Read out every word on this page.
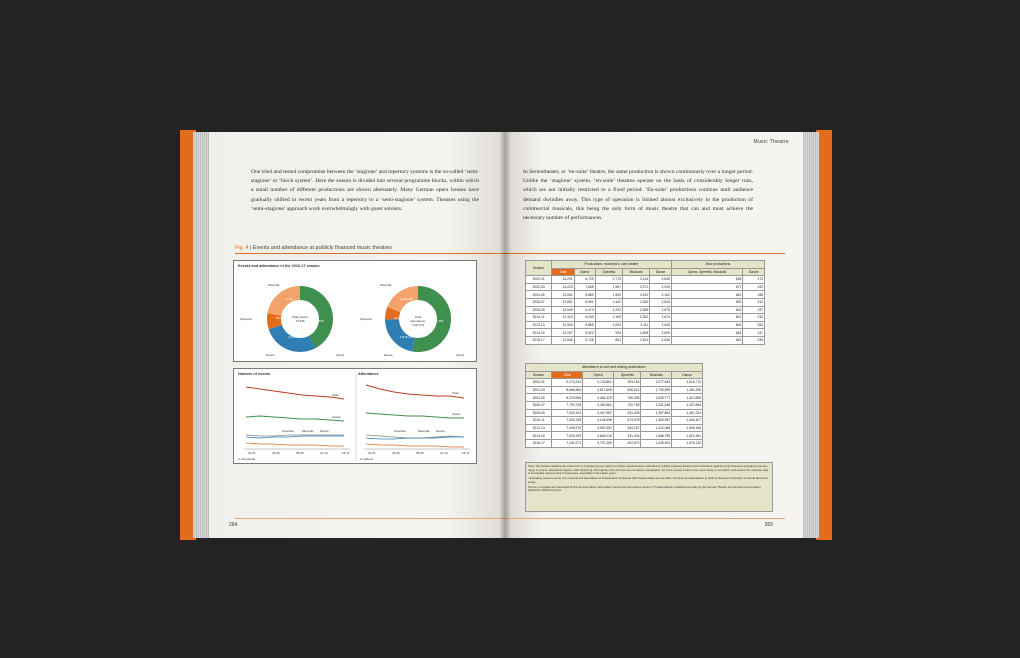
One tried and tested compromise between the ‘stagione’ and repertory systems is the so-called ‘semi-stagione’ or ‘block system’. Here the season is divided into several programme blocks, within which a small number of different productions are shown alternately. Many German opera houses have gradually shifted in recent years from a repertory to a ‘semi-stagione’ system. Theatres using the ‘semi-stagione’ approach work overwhelmingly with guest soloists.

Fig. 4 | Events and attendance at publicly financed music theatres
Events and attendance in the 2016-17 season
Total events: 13,546
Total attendance: 7,241,971
Musicals
Operetta
Dance	Opera
Musicals
Operetta
Dance	Opera
2,731
851
2,331
5,728
1,440,404
422,670
1,576,134
3,797,259
Number of events	Attendance
Total
Opera
Operetta	Musicals Dance
Total
Opera
Operetta	Musicals Dance
00-01	04-05	08-09	12-13	16-17	00-01	04-05	08-09	12-13	16-17
in thousands	in millions
264
Music Theatre

In Serientheater, or ‘en-suite’ theatre, the same production is shown continuously over a longer period. Unlike the ‘stagione’ system, ‘en-suite’ theatres operate on the basis of considerably longer runs, which are not initially restricted to a fixed period. ‘En-suite’ productions continue until audience demand dwindles away. This type of operation is limited almost exclusively to the production of commercial musicals, this being the only form of music theatre that can and must achieve the necessary number of performances.

Season	Productions¹ mounted in own theatre					New productions	
	Total	Opera	Operetta	Musicals	Dance	Opera, Operetta, Musicals	Dance
2000-01	14,291	6,725	2,775	3,143	2,648	628	173
2002-03	14,223	7,665	1,557	2,971	2,030	677	190
2004-05	13,061	6,889	1,590	2,420	2,162	642	168
2006-07	12,801	6,591	1,440	2,252	2,518	630	212
2008-09	12,649	6,473	1,232	2,369	2,575	616	197
2010-11	12,413	6,209	1,169	2,362	2,673	601	232
2012-13	11,944	5,865	1,023	2,411	2,645	604	253
2014-15	12,057	5,922	925	2,605	2,605	644	247
2016-17	11,546	5,728	851	2,331	2,636	642	235
Attendance at own and visiting productions¹					
Season	Total	Opera	Operetta	Musicals	Dance
2000-01	9,273,244	4,743,861	933,154	1,977,653	1,618,775
2002-03	8,686,580	4,617,695	848,621	1,739,969	1,481,295
2004-05	8,219,598	4,484,329	796,493	1,525,777	1,412,999
2006-07	7,753,728	4,363,561	720,755	1,231,548	1,437,864
2008-09	7,903,103	4,407,987	631,038	1,397,854	1,467,224
2010-11	7,628,768	4,144,996	573,378	1,365,987	1,544,407
2012-13	7,408,975	3,987,552	534,187	1,412,066	1,545,168
2014-15	7,629,209	3,849,018	431,434	1,586,786	1,621,951
2016-17	7,241,971	3,797,259	422,670	1,445,904	1,576,134
Note: The theatre statistics are drawn from a complete survey based on written questionnaires submitted to publicly financed theatres and orchestras regarding their business operations (venues, range of events, attendance figures, staff, financing). The figures in the first line are not always comparable, for some venues could not be used owing to renovation work and/or the collected data is incomplete owing to lack of responses, especially in the earlier years.
¹ Excluding concert events. For concerts and attendance of independent orchestras with theatre status see the table ‘Concerts and attendance of publicly financed orchestras’ in Gerald Mertens’s essay.
Source: Compiled and calculated by the German Music Information Centre from the various issues of Theaterstatistik, published annually by the German Theatre and Orchestra Association (Deutscher Bühnenverein).
265
